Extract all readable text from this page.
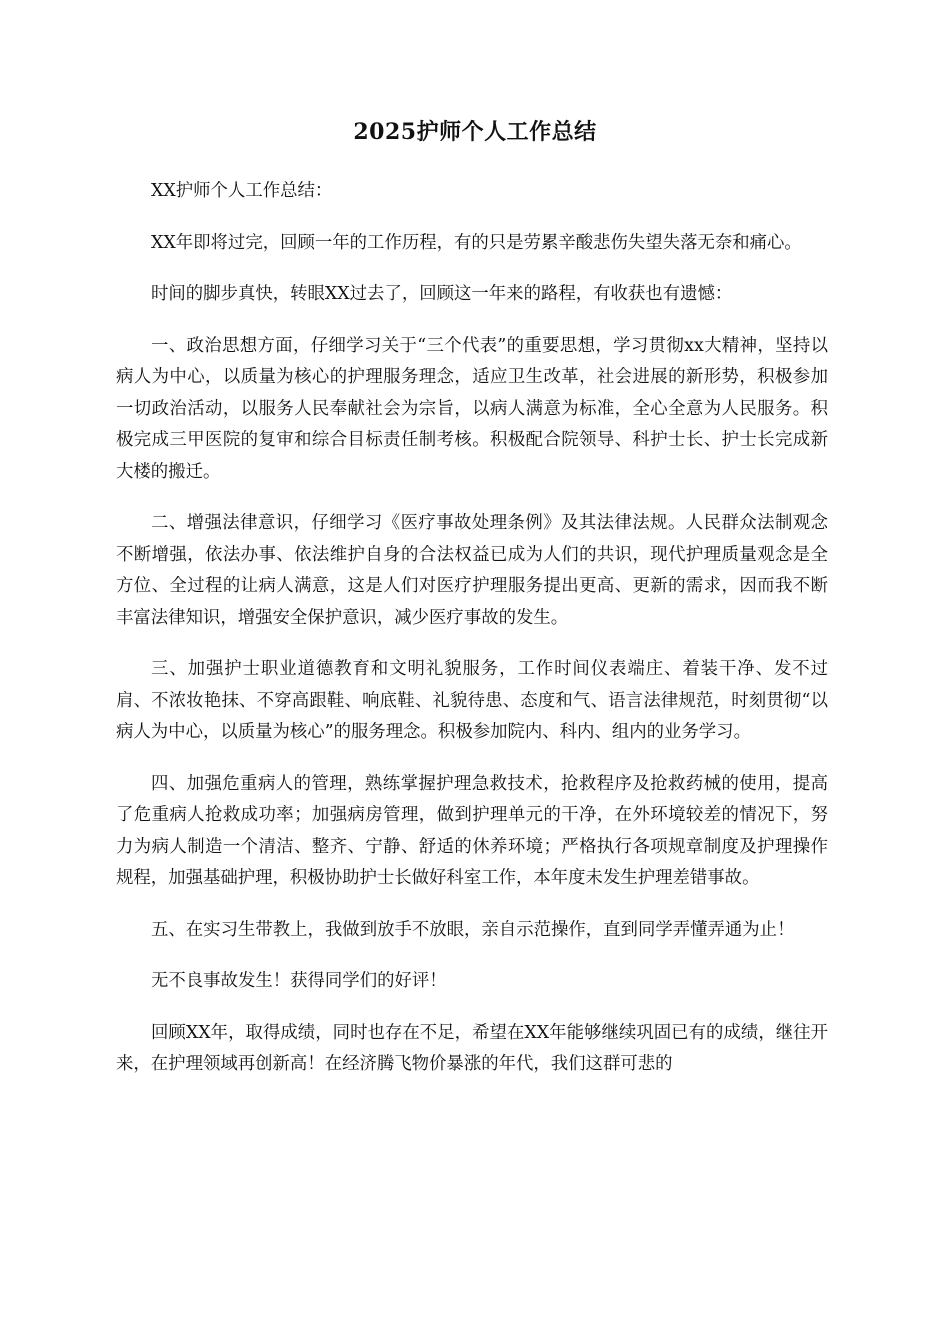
2025护师个人工作总结

XX护师个人工作总结：

XX年即将过完，回顾一年的工作历程，有的只是劳累辛酸悲伤失望失落无奈和痛心。

时间的脚步真快，转眼XX过去了，回顾这一年来的路程，有收获也有遗憾：

一、政治思想方面，仔细学习关于“三个代表”的重要思想，学习贯彻xx大精神，坚持以病人为中心，以质量为核心的护理服务理念，适应卫生改革，社会进展的新形势，积极参加一切政治活动，以服务人民奉献社会为宗旨，以病人满意为标准，全心全意为人民服务。积极完成三甲医院的复审和综合目标责任制考核。积极配合院领导、科护士长、护士长完成新大楼的搬迁。

二、增强法律意识，仔细学习《医疗事故处理条例》及其法律法规。人民群众法制观念不断增强，依法办事、依法维护自身的合法权益已成为人们的共识，现代护理质量观念是全方位、全过程的让病人满意，这是人们对医疗护理服务提出更高、更新的需求，因而我不断丰富法律知识，增强安全保护意识，减少医疗事故的发生。

三、加强护士职业道德教育和文明礼貌服务，工作时间仪表端庄、着装干净、发不过肩、不浓妆艳抹、不穿高跟鞋、响底鞋、礼貌待患、态度和气、语言法律规范，时刻贯彻“以病人为中心，以质量为核心”的服务理念。积极参加院内、科内、组内的业务学习。

四、加强危重病人的管理，熟练掌握护理急救技术，抢救程序及抢救药械的使用，提高了危重病人抢救成功率；加强病房管理，做到护理单元的干净，在外环境较差的情况下，努力为病人制造一个清洁、整齐、宁静、舒适的休养环境；严格执行各项规章制度及护理操作规程，加强基础护理，积极协助护士长做好科室工作，本年度未发生护理差错事故。

五、在实习生带教上，我做到放手不放眼，亲自示范操作，直到同学弄懂弄通为止！

无不良事故发生！获得同学们的好评！

回顾XX年，取得成绩，同时也存在不足，希望在XX年能够继续巩固已有的成绩，继往开来，在护理领域再创新高！在经济腾飞物价暴涨的年代，我们这群可悲的
